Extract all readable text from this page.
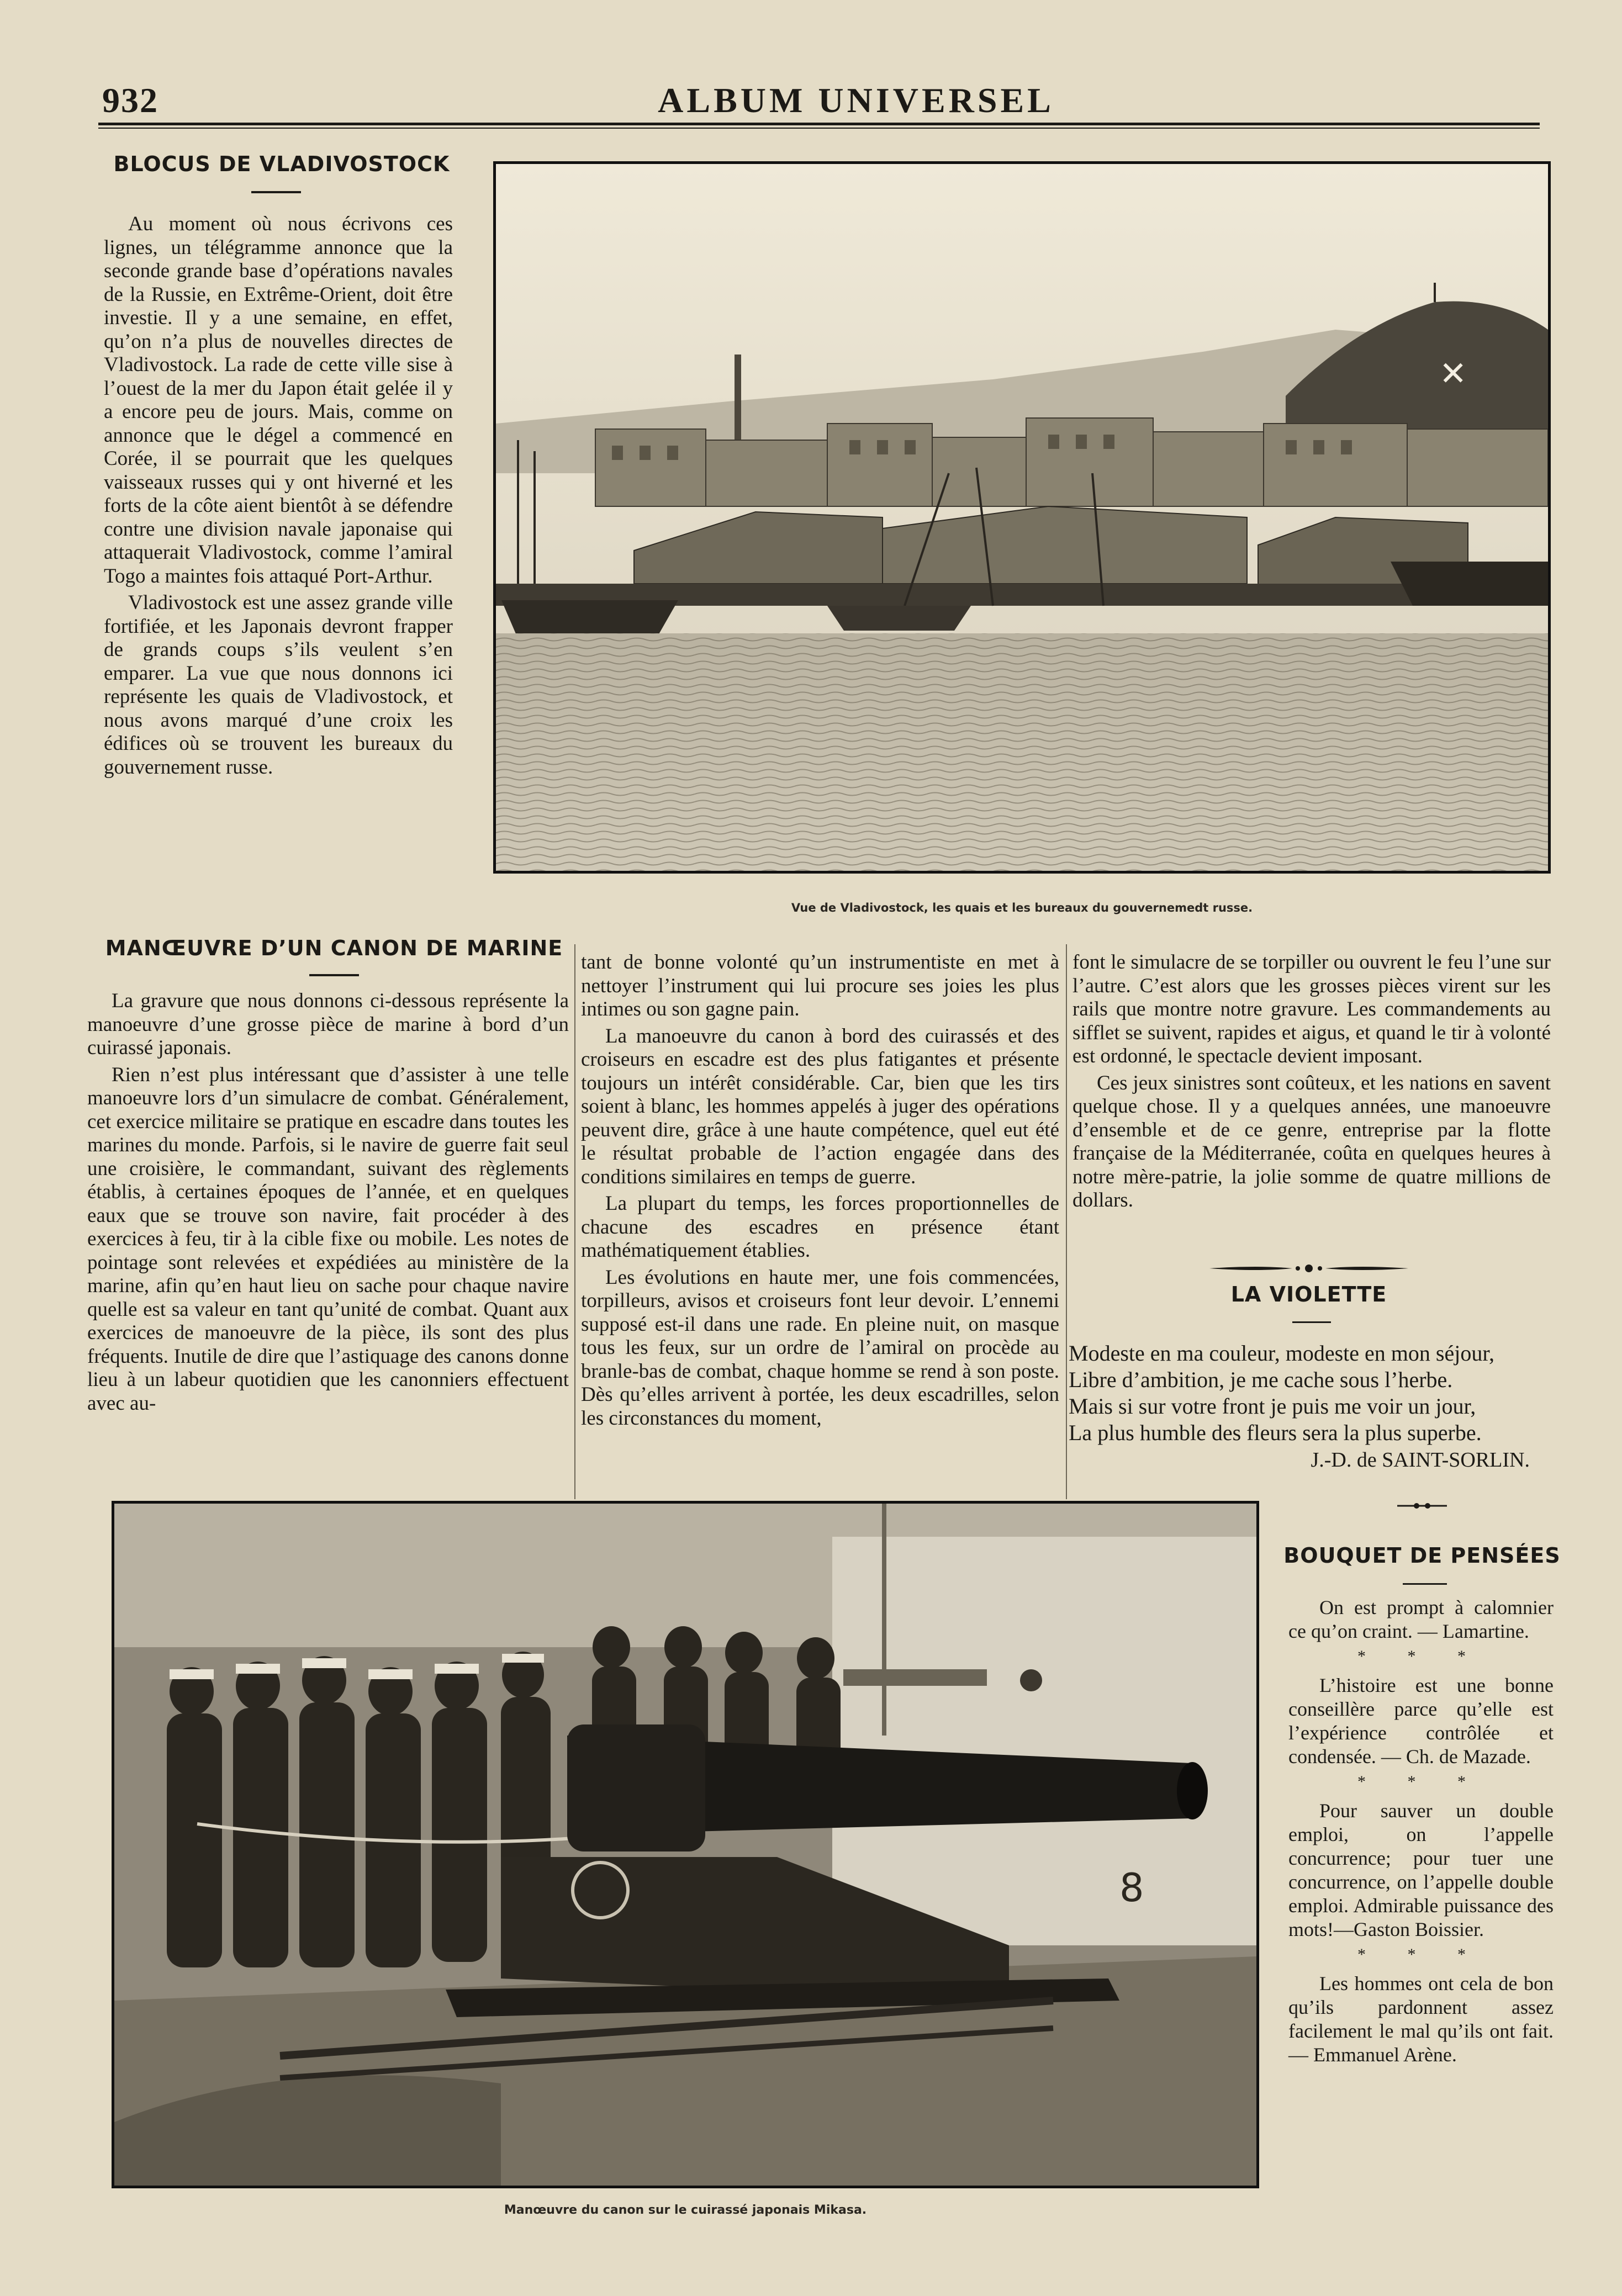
932	ALBUM UNIVERSEL
BLOCUS DE VLADIVOSTOCK

Au moment où nous écrivons ces lignes, un télégramme annonce que la seconde grande base d’opérations navales de la Russie, en Extrême-Orient, doit être investie. Il y a une semaine, en effet, qu’on n’a plus de nouvelles directes de Vladivostock. La rade de cette ville sise à l’ouest de la mer du Japon était gelée il y a encore peu de jours. Mais, comme on annonce que le dégel a commencé en Corée, il se pourrait que les quelques vaisseaux russes qui y ont hiverné et les forts de la côte aient bientôt à se défendre contre une division navale japonaise qui attaquerait Vladivostock, comme l’amiral Togo a maintes fois attaqué Port-Arthur.

Vladivostock est une assez grande ville fortifiée, et les Japonais devront frapper de grands coups s’ils veulent s’en emparer. La vue que nous donnons ici représente les quais de Vladivostock, et nous avons marqué d’une croix les édifices où se trouvent les bureaux du gouvernement russe.

✕
Vue de Vladivostock, les quais et les bureaux du gouvernemedt russe.
MANŒUVRE D’UN CANON DE MARINE

La gravure que nous donnons ci-dessous représente la manoeuvre d’une grosse pièce de marine à bord d’un cuirassé japonais.

Rien n’est plus intéressant que d’assister à une telle manoeuvre lors d’un simulacre de combat. Généralement, cet exercice militaire se pratique en escadre dans toutes les marines du monde. Parfois, si le navire de guerre fait seul une croisière, le commandant, suivant des règlements établis, à certaines époques de l’année, et en quelques eaux que se trouve son navire, fait procéder à des exercices à feu, tir à la cible fixe ou mobile. Les notes de pointage sont relevées et expédiées au ministère de la marine, afin qu’en haut lieu on sache pour chaque navire quelle est sa valeur en tant qu’unité de combat. Quant aux exercices de manoeuvre de la pièce, ils sont des plus fréquents. Inutile de dire que l’astiquage des canons donne lieu à un labeur quotidien que les canonniers effectuent avec au-

tant de bonne volonté qu’un instrumentiste en met à nettoyer l’instrument qui lui procure ses joies les plus intimes ou son gagne pain.

La manoeuvre du canon à bord des cuirassés et des croiseurs en escadre est des plus fatigantes et présente toujours un intérêt considérable. Car, bien que les tirs soient à blanc, les hommes appelés à juger des opérations peuvent dire, grâce à une haute compétence, quel eut été le résultat probable de l’action engagée dans des conditions similaires en temps de guerre.

La plupart du temps, les forces proportionnelles de chacune des escadres en présence étant mathématiquement établies.

Les évolutions en haute mer, une fois commencées, torpilleurs, avisos et croiseurs font leur devoir. L’ennemi supposé est-il dans une rade. En pleine nuit, on masque tous les feux, sur un ordre de l’amiral on procède au branle-bas de combat, chaque homme se rend à son poste. Dès qu’elles arrivent à portée, les deux escadrilles, selon les circonstances du moment,

font le simulacre de se torpiller ou ouvrent le feu l’une sur l’autre. C’est alors que les grosses pièces virent sur les rails que montre notre gravure. Les commandements au sifflet se suivent, rapides et aigus, et quand le tir à volonté est ordonné, le spectacle devient imposant.

Ces jeux sinistres sont coûteux, et les nations en savent quelque chose. Il y a quelques années, une manoeuvre d’ensemble et de ce genre, entreprise par la flotte française de la Méditerranée, coûta en quelques heures à notre mère-patrie, la jolie somme de quatre millions de dollars.

LA VIOLETTE
Modeste en ma couleur, modeste en mon séjour,
Libre d’ambition, je me cache sous l’herbe.
Mais si sur votre front je puis me voir un jour,
La plus humble des fleurs sera la plus superbe.
J.-D. de SAINT-SORLIN.
8
Manœuvre du canon sur le cuirassé japonais Mikasa.
BOUQUET DE PENSÉES

On est prompt à calomnier ce qu’on craint. — Lamartine.

* * *

L’histoire est une bonne conseillère parce qu’elle est l’expérience contrôlée et condensée. — Ch. de Mazade.

* * *

Pour sauver un double emploi, on l’appelle concurrence; pour tuer une concurrence, on l’appelle double emploi. Admirable puissance des mots!—Gaston Boissier.

* * *

Les hommes ont cela de bon qu’ils pardonnent assez facilement le mal qu’ils ont fait. — Emmanuel Arène.
